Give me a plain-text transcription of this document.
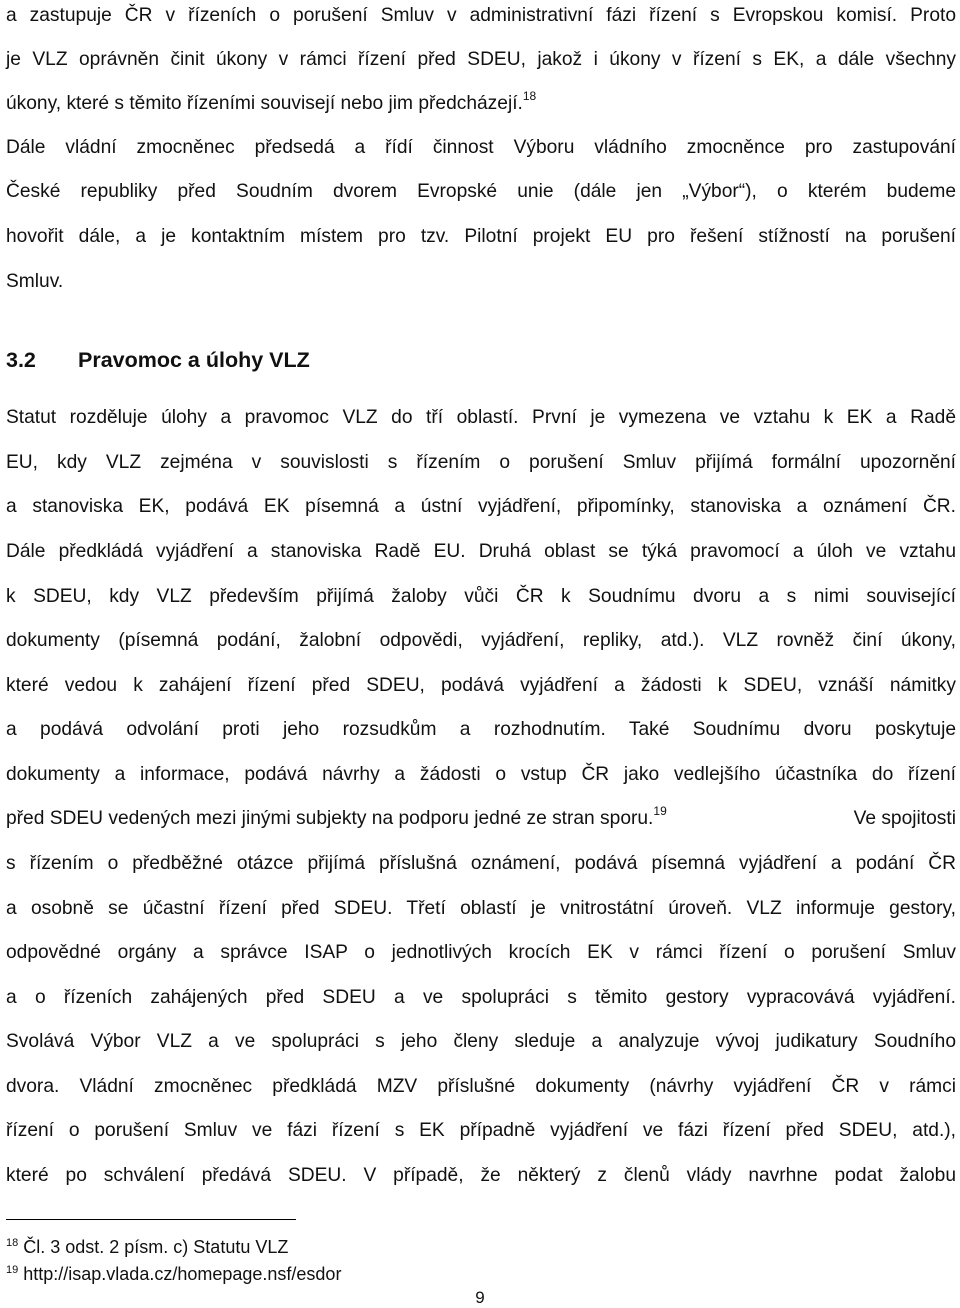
a zastupuje ČR v řízeních o porušení Smluv v administrativní fázi řízení s Evropskou komisí. Proto
je VLZ oprávněn činit úkony v rámci řízení před SDEU, jakož i úkony v řízení s EK, a dále všechny
úkony, které s těmito řízeními souvisejí nebo jim předcházejí.$^{18}$
Dále vládní zmocněnec předsedá a řídí činnost Výboru vládního zmocněnce pro zastupování
České republiky před Soudním dvorem Evropské unie (dále jen „Výbor“), o kterém budeme
hovořit dále, a je kontaktním místem pro tzv. Pilotní projekt EU pro řešení stížností na porušení
Smluv.
3.2 Pravomoc a úlohy VLZ
Statut rozděluje úlohy a pravomoc VLZ do tří oblastí. První je vymezena ve vztahu k EK a Radě
EU, kdy VLZ zejména v souvislosti s řízením o porušení Smluv přijímá formální upozornění
a stanoviska EK, podává EK písemná a ústní vyjádření, připomínky, stanoviska a oznámení ČR.
Dále předkládá vyjádření a stanoviska Radě EU. Druhá oblast se týká pravomocí a úloh ve vztahu
k SDEU, kdy VLZ především přijímá žaloby vůči ČR k Soudnímu dvoru a s nimi související
dokumenty (písemná podání, žalobní odpovědi, vyjádření, repliky, atd.). VLZ rovněž činí úkony,
které vedou k zahájení řízení před SDEU, podává vyjádření a žádosti k SDEU, vznáší námitky
a podává odvolání proti jeho rozsudkům a rozhodnutím. Také Soudnímu dvoru poskytuje
dokumenty a informace, podává návrhy a žádosti o vstup ČR jako vedlejšího účastníka do řízení
před SDEU vedených mezi jinými subjekty na podporu jedné ze stran sporu.$^{19}$	Ve spojitosti
s řízením o předběžné otázce přijímá příslušná oznámení, podává písemná vyjádření a podání ČR
a osobně se účastní řízení před SDEU. Třetí oblastí je vnitrostátní úroveň. VLZ informuje gestory,
odpovědné orgány a správce ISAP o jednotlivých krocích EK v rámci řízení o porušení Smluv
a o řízeních zahájených před SDEU a ve spolupráci s těmito gestory vypracovává vyjádření.
Svolává Výbor VLZ a ve spolupráci s jeho členy sleduje a analyzuje vývoj judikatury Soudního
dvora. Vládní zmocněnec předkládá MZV příslušné dokumenty (návrhy vyjádření ČR v rámci
řízení o porušení Smluv ve fázi řízení s EK případně vyjádření ve fázi řízení před SDEU, atd.),
které po schválení předává SDEU. V případě, že některý z členů vlády navrhne podat žalobu
$^{18}$ Čl. 3 odst. 2 písm. c) Statutu VLZ
$^{19}$ http://isap.vlada.cz/homepage.nsf/esdor
9
